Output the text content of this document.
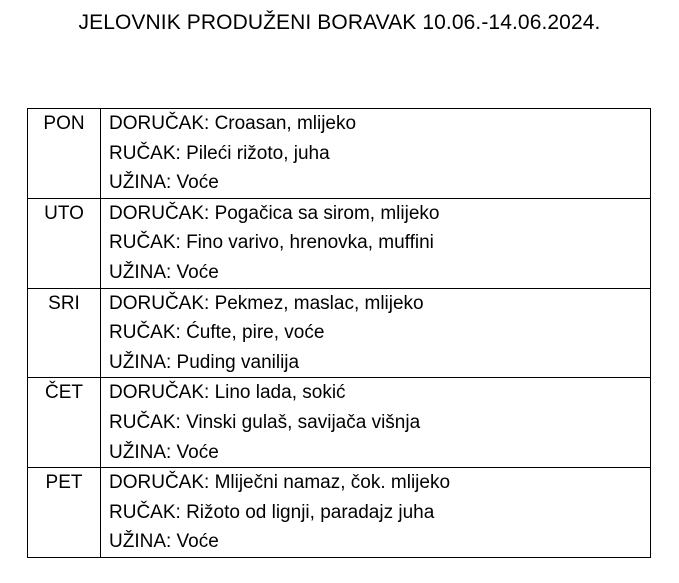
JELOVNIK PRODUŽENI BORAVAK 10.06.-14.06.2024.
PON	DORUČAK: Croasan, mlijeko
RUČAK: Pileći rižoto, juha
UŽINA: Voće

UTO	DORUČAK: Pogačica sa sirom, mlijeko
RUČAK: Fino varivo, hrenovka, muffini
UŽINA: Voće

SRI	DORUČAK: Pekmez, maslac, mlijeko
RUČAK: Ćufte, pire, voće
UŽINA: Puding vanilija

ČET	DORUČAK: Lino lada, sokić
RUČAK: Vinski gulaš, savijača višnja
UŽINA: Voće

PET	DORUČAK: Mliječni namaz, čok. mlijeko
RUČAK: Rižoto od lignji, paradajz juha
UŽINA: Voće
